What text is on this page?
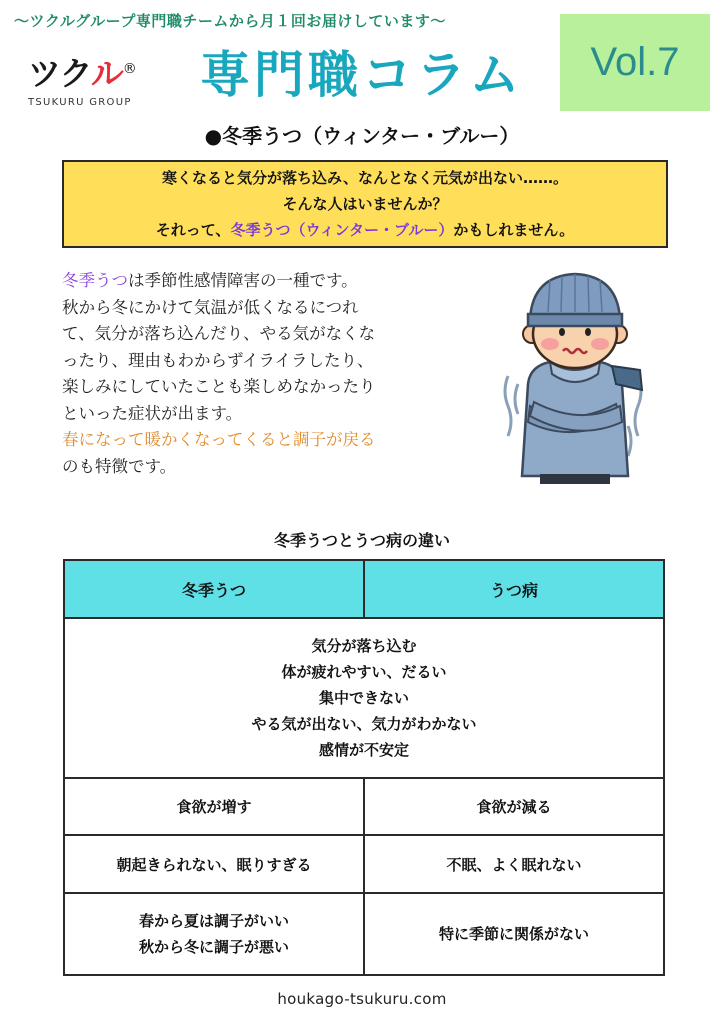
〜ツクルグループ専門職チームから月１回お届けしています〜
ツクル®
TSUKURU GROUP	専門職コラム Vol.7
●冬季うつ（ウィンター・ブルー）
寒くなると気分が落ち込み、なんとなく元気が出ない……。
そんな人はいませんか？
それって、冬季うつ（ウィンター・ブルー）かもしれません。
冬季うつは季節性感情障害の一種です。
秋から冬にかけて気温が低くなるにつれ
て、気分が落ち込んだり、やる気がなくな
ったり、理由もわからずイライラしたり、
楽しみにしていたことも楽しめなかったり
といった症状が出ます。
春になって暖かくなってくると調子が戻る
のも特徴です。
冬季うつとうつ病の違い
冬季うつ	うつ病

気分が落ち込む
体が疲れやすい、だるい
集中できない
やる気が出ない、気力がわかない
感情が不安定	

食欲が増す	食欲が減る
朝起きられない、眠りすぎる	不眠、よく眠れない

春から夏は調子がいい
秋から冬に調子が悪い	特に季節に関係がない
houkago-tsukuru.com
